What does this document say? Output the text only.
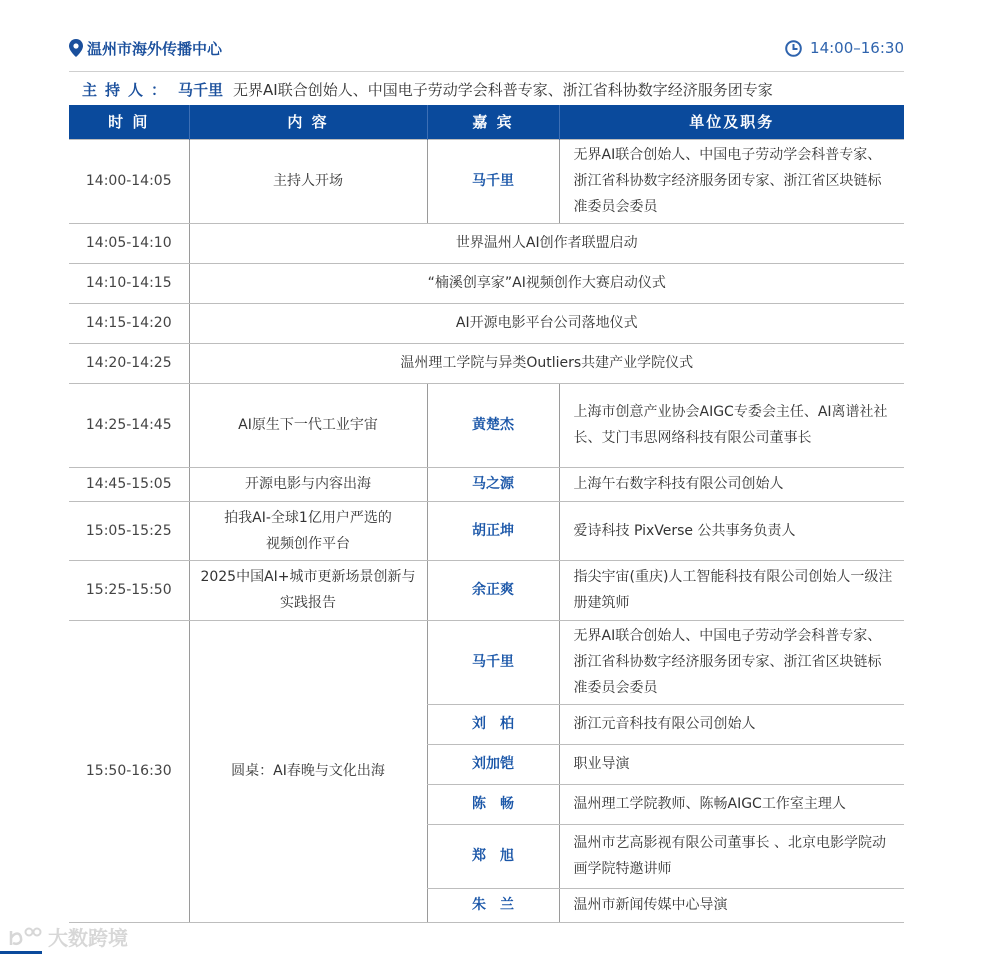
温州市海外传播中心	14:00–16:30
主持人： 马千里 无界AI联合创始人、中国电子劳动学会科普专家、浙江省科协数字经济服务团专家
时 间	内 容	嘉 宾	单位及职务
14:00-14:05	主持人开场	马千里	无界AI联合创始人、中国电子劳动学会科普专家、浙江省科协数字经济服务团专家、浙江省区块链标准委员会委员
14:05-14:10	世界温州人AI创作者联盟启动		
14:10-14:15	“楠溪创享家”AI视频创作大赛启动仪式		
14:15-14:20	AI开源电影平台公司落地仪式		
14:20-14:25	温州理工学院与异类Outliers共建产业学院仪式		
14:25-14:45	AI原生下一代工业宇宙	黄楚杰	上海市创意产业协会AIGC专委会主任、AI离谱社社长、艾门韦思网络科技有限公司董事长
14:45-15:05	开源电影与内容出海	马之源	上海午右数字科技有限公司创始人
15:05-15:25	拍我AI-全球1亿用户严选的视频创作平台	胡正坤	爱诗科技 PixVerse 公共事务负责人
15:25-15:50	2025中国AI+城市更新场景创新与实践报告	余正爽	指尖宇宙(重庆)人工智能科技有限公司创始人一级注册建筑师
15:50-16:30	圆桌：AI春晚与文化出海	马千里	无界AI联合创始人、中国电子劳动学会科普专家、浙江省科协数字经济服务团专家、浙江省区块链标准委员会委员
		刘　柏	浙江元音科技有限公司创始人
		刘加铠	职业导演
		陈　畅	温州理工学院教师、陈畅AIGC工作室主理人
		郑　旭	温州市艺高影视有限公司董事长 、北京电影学院动画学院特邀讲师
		朱　兰	温州市新闻传媒中心导演
大数跨境
